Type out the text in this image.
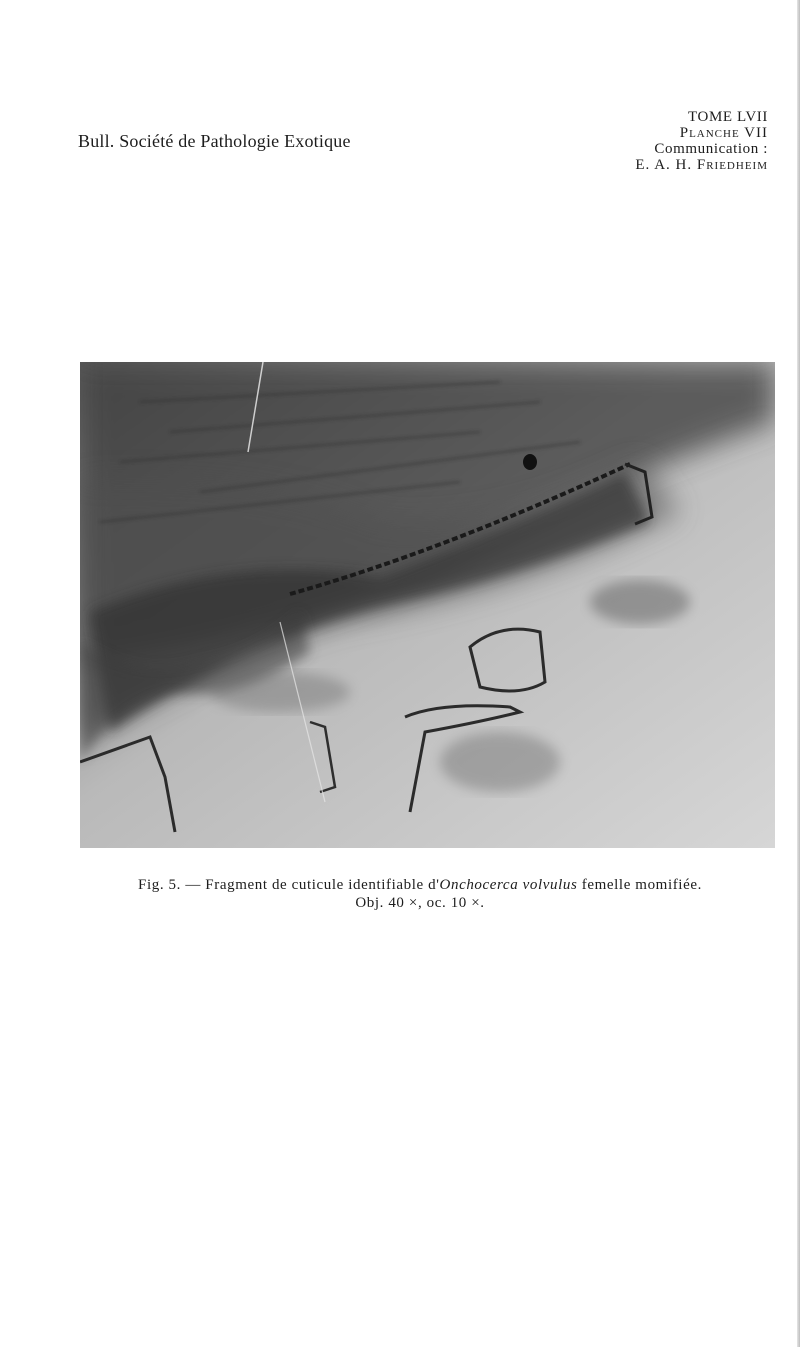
Bull. Société de Pathologie Exotique
TOME LVII
Planche VII
Communication :
E. A. H. Friedheim
Fig. 5. — Fragment de cuticule identifiable d'Onchocerca volvulus femelle momifiée.
Obj. 40 ×, oc. 10 ×.
